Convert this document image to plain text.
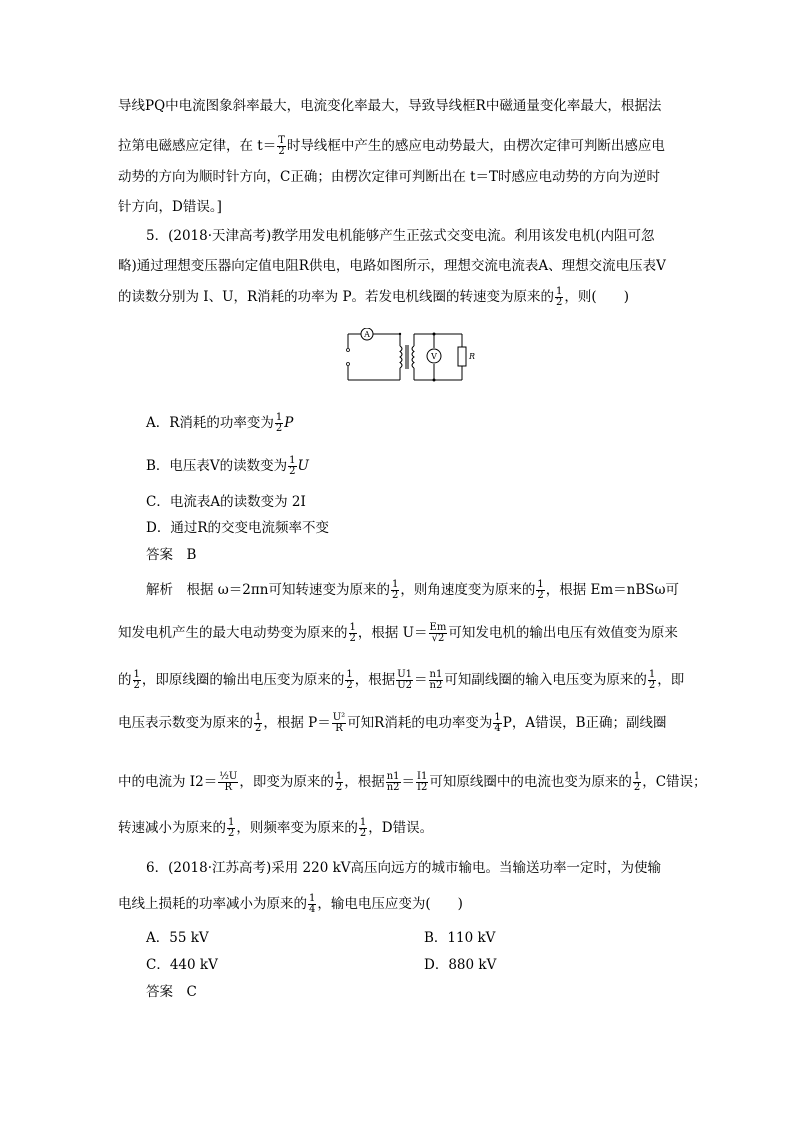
导线PQ中电流图象斜率最大，电流变化率最大，导致导线框R中磁通量变化率最大，根据法
拉第电磁感应定律，在 $t= \frac{T}{2}$ 时导线框中产生的感应电动势最大，由楞次定律可判断出感应电
动势的方向为顺时针方向，C正确；由楞次定律可判断出在 t＝T时感应电动势的方向为逆时
针方向，D错误。]
5．(2018·天津高考)教学用发电机能够产生正弦式交变电流。利用该发电机(内阻可忽
略)通过理想变压器向定值电阻R供电，电路如图所示，理想交流电流表A、理想交流电压表V
的读数分别为 I、U，R消耗的功率为 P。若发电机线圈的转速变为原来的 $\frac{1}{2}$ ，则(　　)
A
V	R
A．R消耗的功率变为 $\frac{1}{2}$ P
B．电压表V的读数变为 $\frac{1}{2}$ U
C．电流表A的读数变为 2I
D．通过R的交变电流频率不变
答案　B
解析　根据 ω＝2πn可知转速变为原来的 $\frac{1}{2}$ ，则角速度变为原来的 $\frac{1}{2}$ ，根据 Em＝nBSω可
知发电机产生的最大电动势变为原来的 $\frac{1}{2}$ ，根据 $U= \frac{Em}{√2}$ 可知发电机的输出电压有效值变为原来
的 $\frac{1}{2}$ ，即原线圈的输出电压变为原来的 $\frac{1}{2}$ ，根据 $\frac{U1}{U2} = \frac{n1}{n2}$ 可知副线圈的输入电压变为原来的 $\frac{1}{2}$ ，即
电压表示数变为原来的 $\frac{1}{2}$ ，根据 $P= \frac{\text{U²}}{R}$ 可知R消耗的电功率变为 $\frac{1}{4}$ P，A错误，B正确；副线圈
中的电流为 $I2= \frac{\text{½U}}{R}$ ，即变为原来的 $\frac{1}{2}$ ，根据 $\frac{n1}{n2} = \frac{I1}{I2}$ 可知原线圈中的电流也变为原来的 $\frac{1}{2}$ ，C错误；
转速减小为原来的 $\frac{1}{2}$ ，则频率变为原来的 $\frac{1}{2}$ ，D错误。
6．(2018·江苏高考)采用 220 kV高压向远方的城市输电。当输送功率一定时，为使输
电线上损耗的功率减小为原来的 $\frac{1}{4}$ ，输电电压应变为(　　)
A．55 kV	B．110 kV
C．440 kV	D．880 kV
答案　C
